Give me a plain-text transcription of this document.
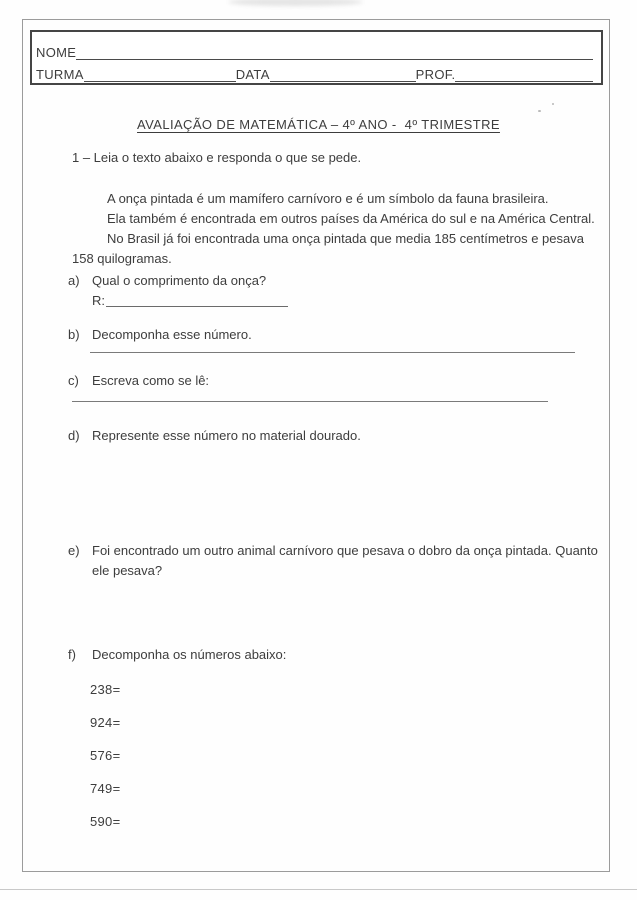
NOME
TURMA	DATA	PROF.
AVALIAÇÃO DE MATEMÁTICA – 4º ANO -  4º TRIMESTRE
1 – Leia o texto abaixo e responda o que se pede.
A onça pintada é um mamífero carnívoro e é um símbolo da fauna brasileira.
Ela também é encontrada em outros países da América do sul e na América Central.
No Brasil já foi encontrada uma onça pintada que media 185 centímetros e pesava
158 quilogramas.
a) Qual o comprimento da onça?
R:
b) Decomponha esse número.
c)	Escreva como se lê:
d) Represente esse número no material dourado.
e) Foi encontrado um outro animal carnívoro que pesava o dobro da onça pintada. Quanto ele pesava?
f)	Decomponha os números abaixo:
238=
924=
576=
749=
590=
